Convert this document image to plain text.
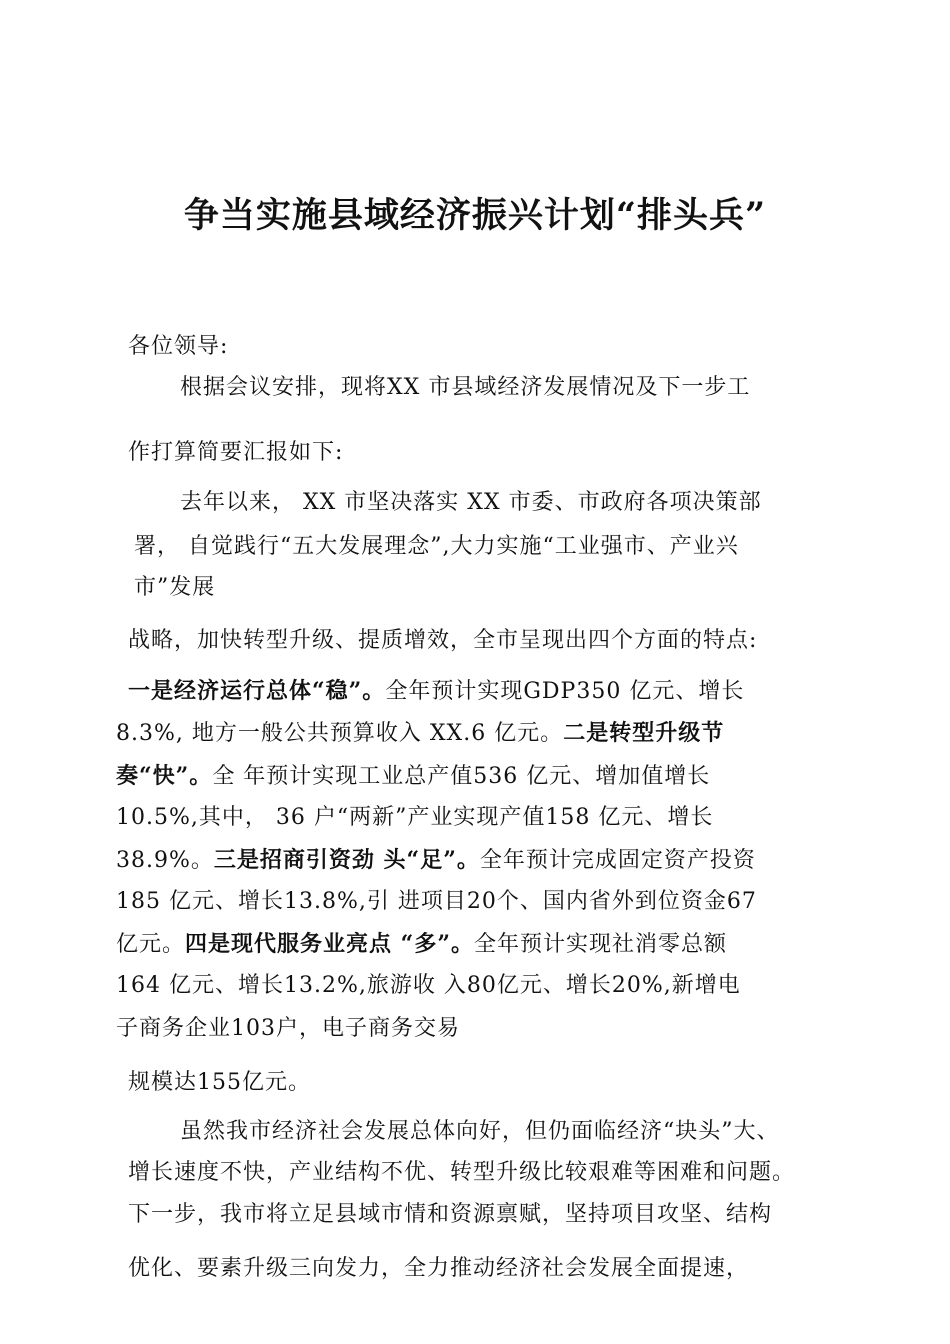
争当实施县域经济振兴计划“排头兵”
各位领导:
根据会议安排，现将XX 市县域经济发展情况及下一步工
作打算简要汇报如下:
去年以来， XX 市坚决落实 XX 市委、市政府各项决策部
署， 自觉践行“五大发展理念”,大力实施“工业强市、产业兴
市”发展
战略，加快转型升级、提质增效，全市呈现出四个方面的特点:
一是经济运行总体“稳”。全年预计实现GDP350 亿元、增长
8.3%, 地方一般公共预算收入 XX.6 亿元。二是转型升级节
奏“快”。全 年预计实现工业总产值536 亿元、增加值增长
10.5%,其中， 36 户“两新”产业实现产值158 亿元、增长
38.9%。三是招商引资劲 头“足”。全年预计完成固定资产投资
185 亿元、增长13.8%,引 进项目20个、国内省外到位资金67
亿元。四是现代服务业亮点 “多”。全年预计实现社消零总额
164 亿元、增长13.2%,旅游收 入80亿元、增长20%,新增电
子商务企业103户，电子商务交易
规模达155亿元。
虽然我市经济社会发展总体向好，但仍面临经济“块头”大、
增长速度不快，产业结构不优、转型升级比较艰难等困难和问题。
下一步，我市将立足县域市情和资源禀赋，坚持项目攻坚、结构
优化、要素升级三向发力，全力推动经济社会发展全面提速，
